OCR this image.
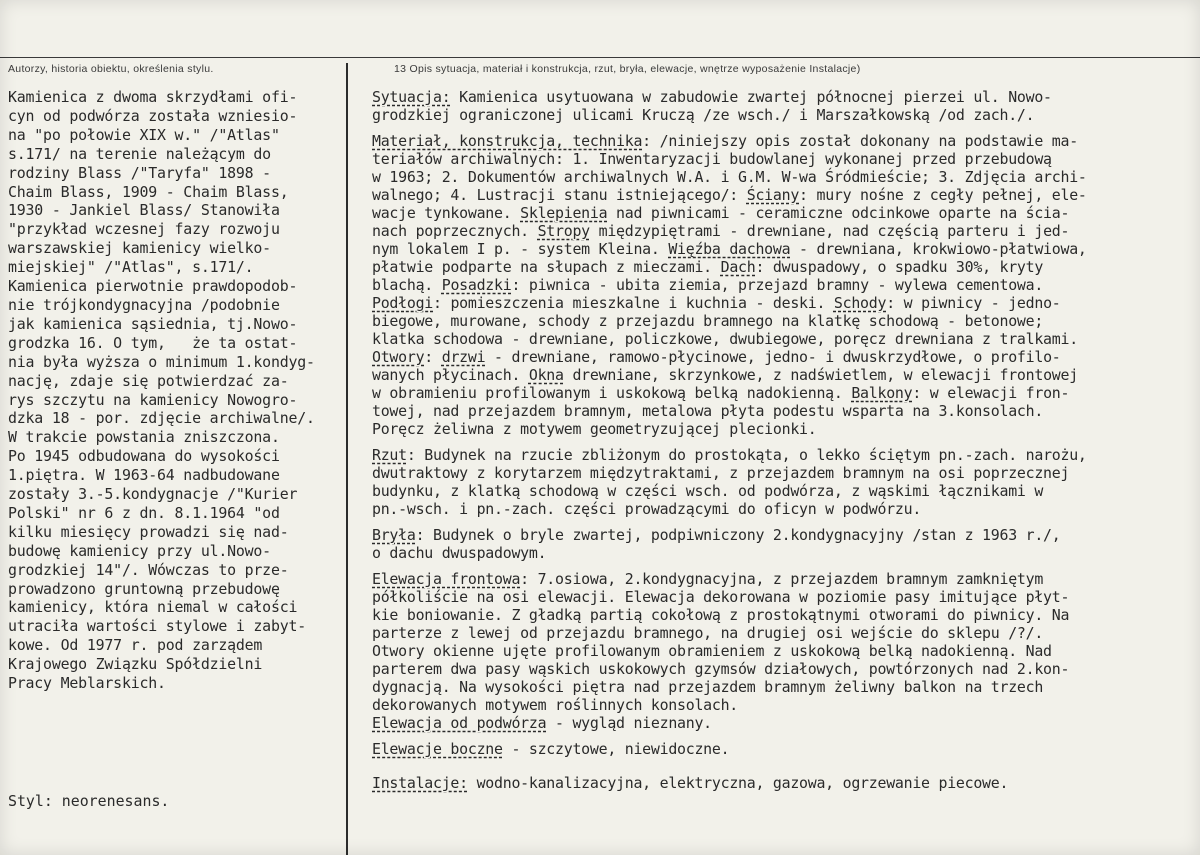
Autorzy, historia obiektu, określenia stylu.	13 Opis sytuacja, materiał i konstrukcja, rzut, bryła, elewacje, wnętrze wyposażenie Instalacje)
Kamienica z dwoma skrzydłami ofi-
cyn od podwórza została wzniesio-
na "po połowie XIX w." /"Atlas"
s.171/ na terenie należącym do
rodziny Blass /"Taryfa" 1898 -
Chaim Blass, 1909 - Chaim Blass,
1930 - Jankiel Blass/ Stanowiła
"przykład wczesnej fazy rozwoju
warszawskiej kamienicy wielko-
miejskiej" /"Atlas", s.171/.
Kamienica pierwotnie prawdopodob-
nie trójkondygnacyjna /podobnie
jak kamienica sąsiednia, tj.Nowo-
grodzka 16. O tym,   że ta ostat-
nia była wyższa o minimum 1.kondyg-
nację, zdaje się potwierdzać za-
rys szczytu na kamienicy Nowogro-
dzka 18 - por. zdjęcie archiwalne/.
W trakcie powstania zniszczona.
Po 1945 odbudowana do wysokości
1.piętra. W 1963-64 nadbudowane
zostały 3.-5.kondygnacje /"Kurier
Polski" nr 6 z dn. 8.1.1964 "od
kilku miesięcy prowadzi się nad-
budowę kamienicy przy ul.Nowo-
grodzkiej 14"/. Wówczas to prze-
prowadzono gruntowną przebudowę
kamienicy, która niemal w całości
utraciła wartości stylowe i zabyt-
kowe. Od 1977 r. pod zarządem
Krajowego Związku Spółdzielni
Pracy Meblarskich.
Styl: neorenesans.
Sytuacja: Kamienica usytuowana w zabudowie zwartej północnej pierzei ul. Nowo-
grodzkiej ograniczonej ulicami Kruczą /ze wsch./ i Marszałkowską /od zach./.
Materiał, konstrukcja, technika: /niniejszy opis został dokonany na podstawie ma-
teriałów archiwalnych: 1. Inwentaryzacji budowlanej wykonanej przed przebudową
w 1963; 2. Dokumentów archiwalnych W.A. i G.M. W-wa Śródmieście; 3. Zdjęcia archi-
walnego; 4. Lustracji stanu istniejącego/: Ściany: mury nośne z cegły pełnej, ele-
wacje tynkowane. Sklepienia nad piwnicami - ceramiczne odcinkowe oparte na ścia-
nach poprzecznych. Stropy międzypiętrami - drewniane, nad częścią parteru i jed-
nym lokalem I p. - system Kleina. Więźba dachowa - drewniana, krokwiowo-płatwiowa,
płatwie podparte na słupach z mieczami. Dach: dwuspadowy, o spadku 30%, kryty
blachą. Posadzki: piwnica - ubita ziemia, przejazd bramny - wylewa cementowa.
Podłogi: pomieszczenia mieszkalne i kuchnia - deski. Schody: w piwnicy - jedno-
biegowe, murowane, schody z przejazdu bramnego na klatkę schodową - betonowe;
klatka schodowa - drewniane, policzkowe, dwubiegowe, poręcz drewniana z tralkami.
Otwory: drzwi - drewniane, ramowo-płycinowe, jedno- i dwuskrzydłowe, o profilo-
wanych płycinach. Okna drewniane, skrzynkowe, z nadświetlem, w elewacji frontowej
w obramieniu profilowanym i uskokową belką nadokienną. Balkony: w elewacji fron-
towej, nad przejazdem bramnym, metalowa płyta podestu wsparta na 3.konsolach.
Poręcz żeliwna z motywem geometryzującej plecionki.
Rzut: Budynek na rzucie zbliżonym do prostokąta, o lekko ściętym pn.-zach. narożu,
dwutraktowy z korytarzem międzytraktami, z przejazdem bramnym na osi poprzecznej
budynku, z klatką schodową w części wsch. od podwórza, z wąskimi łącznikami w
pn.-wsch. i pn.-zach. części prowadzącymi do oficyn w podwórzu.
Bryła: Budynek o bryle zwartej, podpiwniczony 2.kondygnacyjny /stan z 1963 r./,
o dachu dwuspadowym.
Elewacja frontowa: 7.osiowa, 2.kondygnacyjna, z przejazdem bramnym zamkniętym
półkoliście na osi elewacji. Elewacja dekorowana w poziomie pasy imitujące płyt-
kie boniowanie. Z gładką partią cokołową z prostokątnymi otworami do piwnicy. Na
parterze z lewej od przejazdu bramnego, na drugiej osi wejście do sklepu /?/.
Otwory okienne ujęte profilowanym obramieniem z uskokową belką nadokienną. Nad
parterem dwa pasy wąskich uskokowych gzymsów działowych, powtórzonych nad 2.kon-
dygnacją. Na wysokości piętra nad przejazdem bramnym żeliwny balkon na trzech
dekorowanych motywem roślinnych konsolach.
Elewacja od podwórza - wygląd nieznany.
Elewacje boczne - szczytowe, niewidoczne.
Instalacje: wodno-kanalizacyjna, elektryczna, gazowa, ogrzewanie piecowe.
